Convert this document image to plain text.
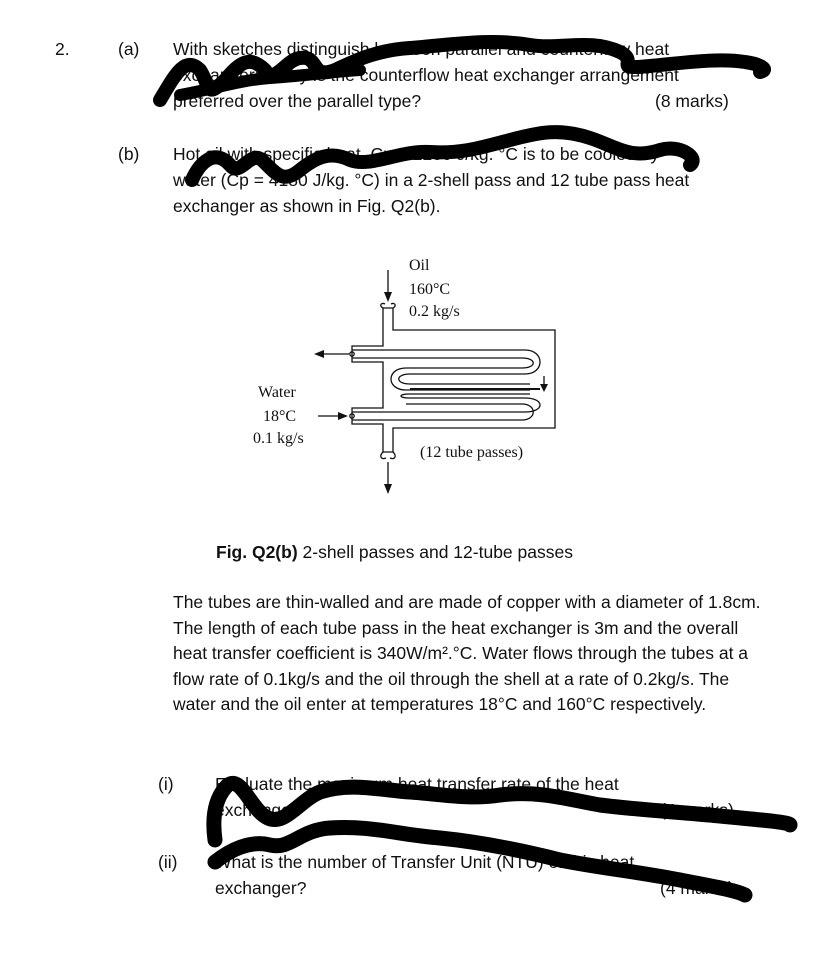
2.	(a) With sketches distinguish between parallel and counterflow heat
exchangers. Why is the counterflow heat exchanger arrangement
preferred over the parallel type?	(8 marks)
(b) Hot oil with specific heat, Cp = 2200 J/kg. °C is to be cooled by
water (Cp = 4180 J/kg. °C) in a 2-shell pass and 12 tube pass heat
exchanger as shown in Fig. Q2(b).
Oil
160°C
0.2 kg/s
Water
18°C
0.1 kg/s
(12 tube passes)
Fig. Q2(b) 2-shell passes and 12-tube passes
The tubes are thin-walled and are made of copper with a diameter of 1.8cm. The length of each tube pass in the heat exchanger is 3m and the overall heat transfer coefficient is 340W/m².°C. Water flows through the tubes at a flow rate of 0.1kg/s and the oil through the shell at a rate of 0.2kg/s. The water and the oil enter at temperatures 18°C and 160°C respectively.
(i) Evaluate the maximum heat transfer rate of the heat
exchanger.	(4 marks)
(ii) What is the number of Transfer Unit (NTU) of this heat
exchanger?	(4 marks)
